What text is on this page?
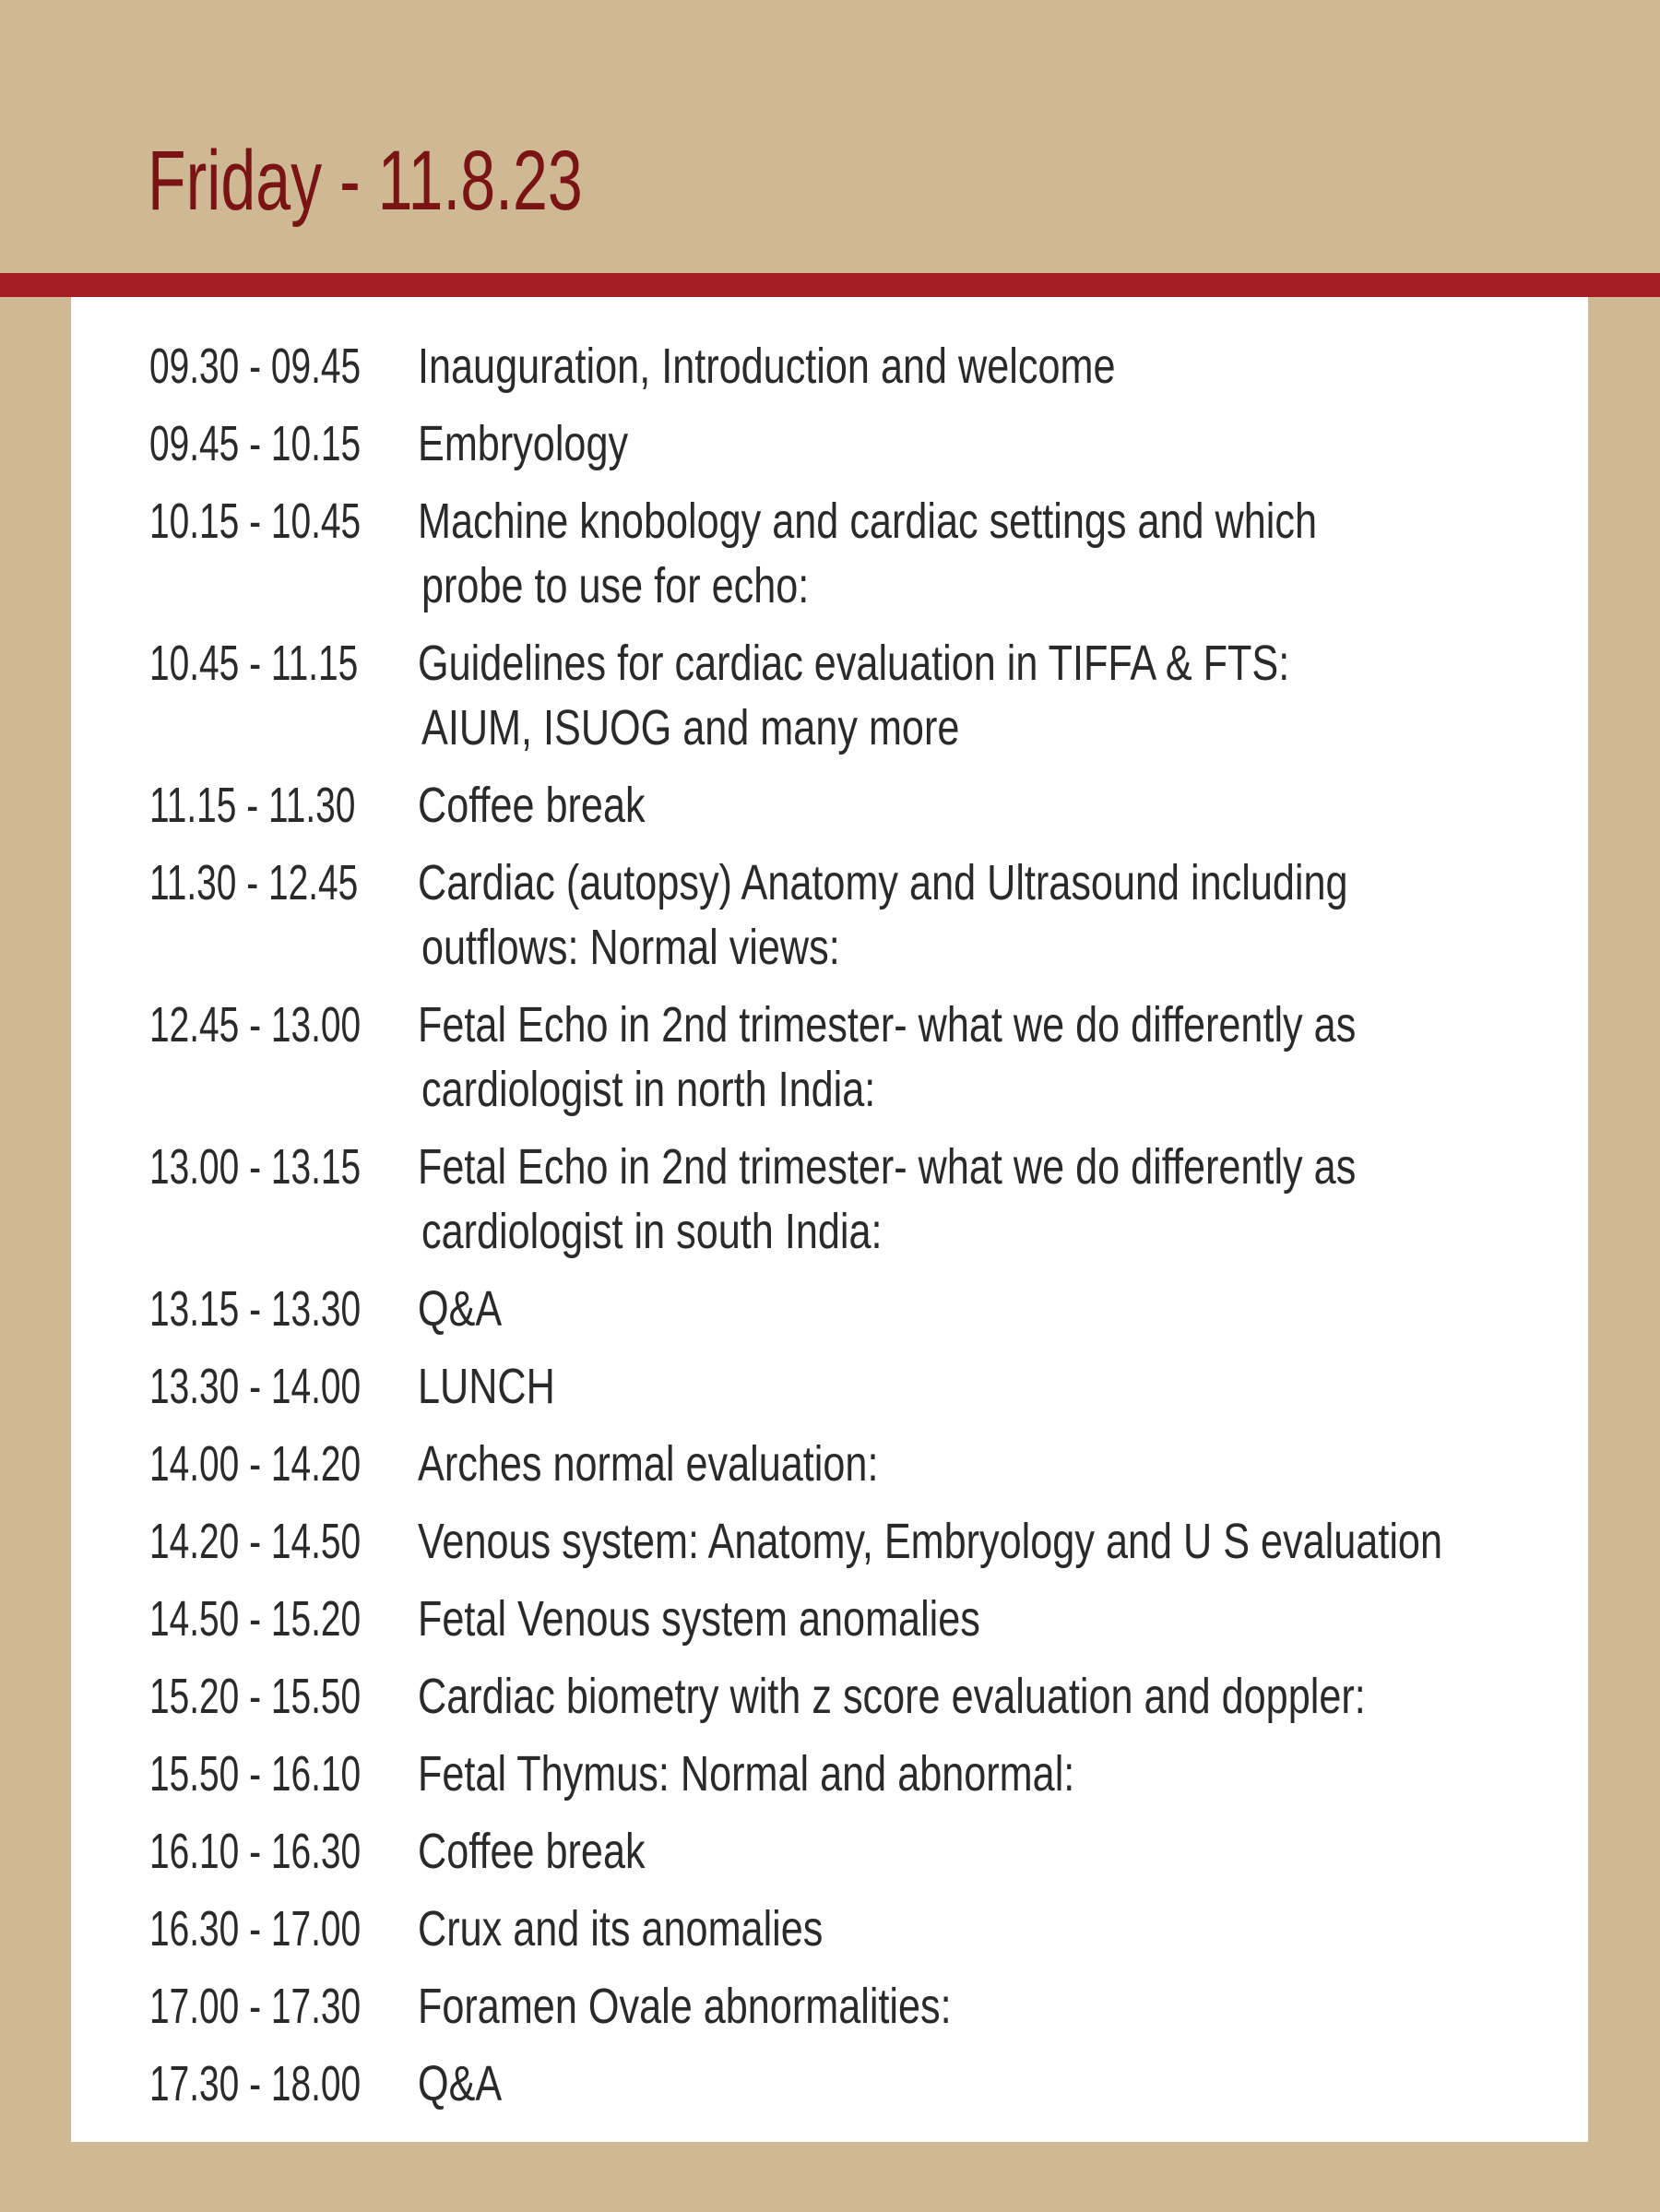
Friday - 11.8.23
09.30 - 09.45 Inauguration, Introduction and welcome
09.45 - 10.15 Embryology
10.15 - 10.45 Machine knobology and cardiac settings and which
probe to use for echo:
10.45 - 11.15 Guidelines for cardiac evaluation in TIFFA & FTS:
AIUM, ISUOG and many more
11.15 - 11.30 Coffee break
11.30 - 12.45 Cardiac (autopsy) Anatomy and Ultrasound including
outflows: Normal views:
12.45 - 13.00 Fetal Echo in 2nd trimester- what we do differently as
cardiologist in north India:
13.00 - 13.15 Fetal Echo in 2nd trimester- what we do differently as
cardiologist in south India:
13.15 - 13.30 Q&A
13.30 - 14.00 LUNCH
14.00 - 14.20 Arches normal evaluation:
14.20 - 14.50 Venous system: Anatomy, Embryology and U S evaluation
14.50 - 15.20 Fetal Venous system anomalies
15.20 - 15.50 Cardiac biometry with z score evaluation and doppler:
15.50 - 16.10 Fetal Thymus: Normal and abnormal:
16.10 - 16.30 Coffee break
16.30 - 17.00 Crux and its anomalies
17.00 - 17.30 Foramen Ovale abnormalities:
17.30 - 18.00 Q&A
